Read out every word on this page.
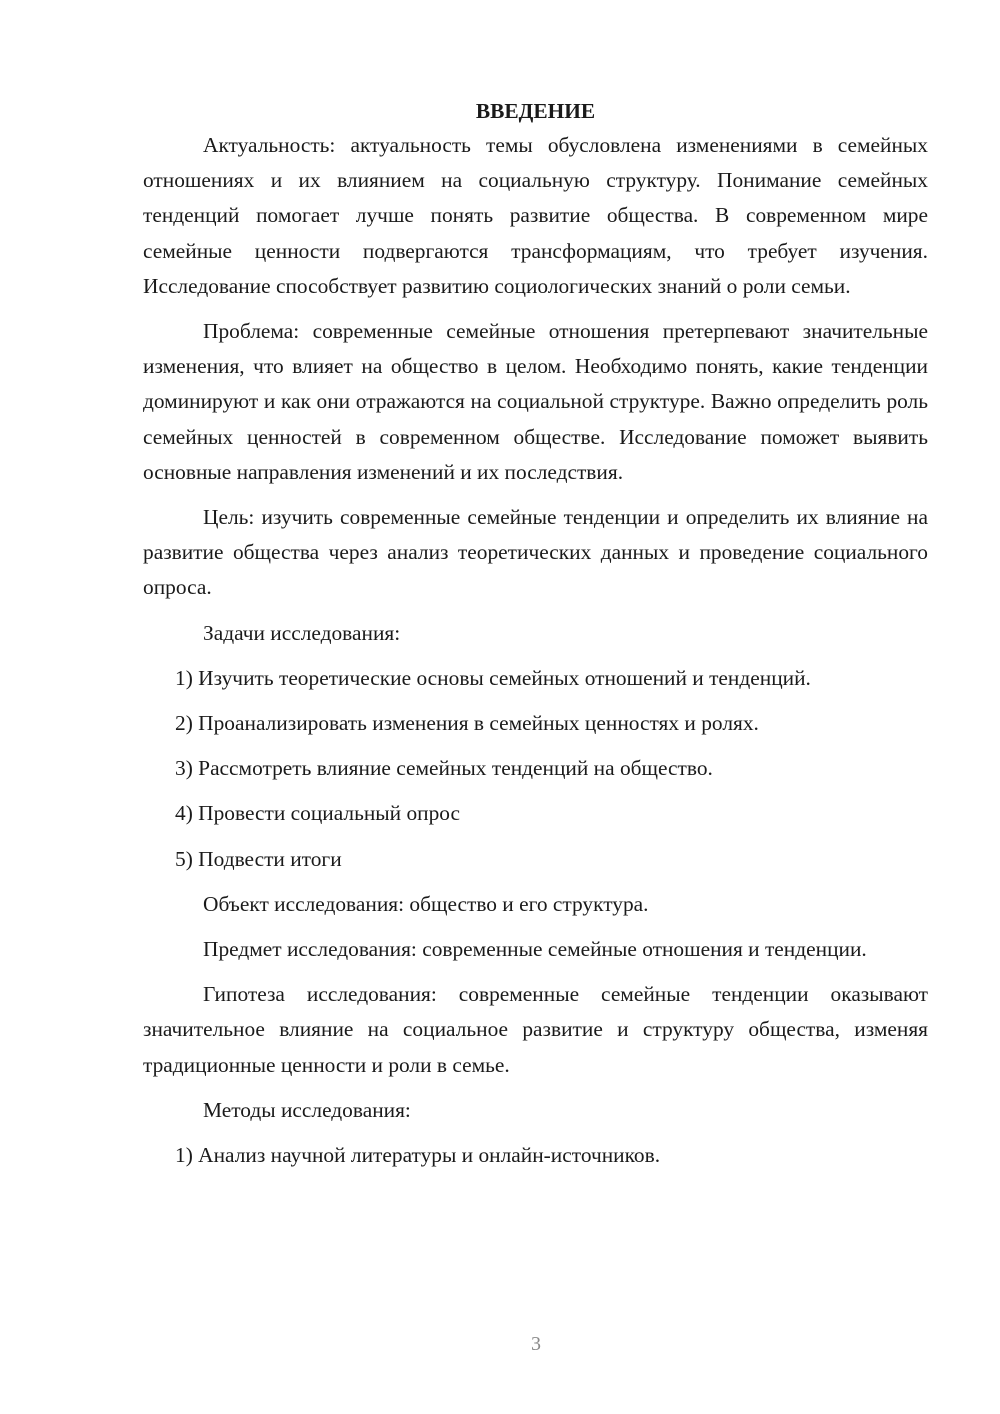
ВВЕДЕНИЕ

Актуальность: актуальность темы обусловлена изменениями в семейных отношениях и их влиянием на социальную структуру. Понимание семейных тенденций помогает лучше понять развитие общества. В современном мире семейные ценности подвергаются трансформациям, что требует изучения. Исследование способствует развитию социологических знаний о роли семьи.

Проблема: современные семейные отношения претерпевают значительные изменения, что влияет на общество в целом. Необходимо понять, какие тенденции доминируют и как они отражаются на социальной структуре. Важно определить роль семейных ценностей в современном обществе. Исследование поможет выявить основные направления изменений и их последствия.

Цель: изучить современные семейные тенденции и определить их влияние на развитие общества через анализ теоретических данных и проведение социального опроса.

Задачи исследования:

1) Изучить теоретические основы семейных отношений и тенденций.
2) Проанализировать изменения в семейных ценностях и ролях.
3) Рассмотреть влияние семейных тенденций на общество.
4) Провести социальный опрос
5) Подвести итоги

Объект исследования: общество и его структура.

Предмет исследования: современные семейные отношения и тенденции.

Гипотеза исследования: современные семейные тенденции оказывают значительное влияние на социальное развитие и структуру общества, изменяя традиционные ценности и роли в семье.

Методы исследования:

1) Анализ научной литературы и онлайн-источников.
3
